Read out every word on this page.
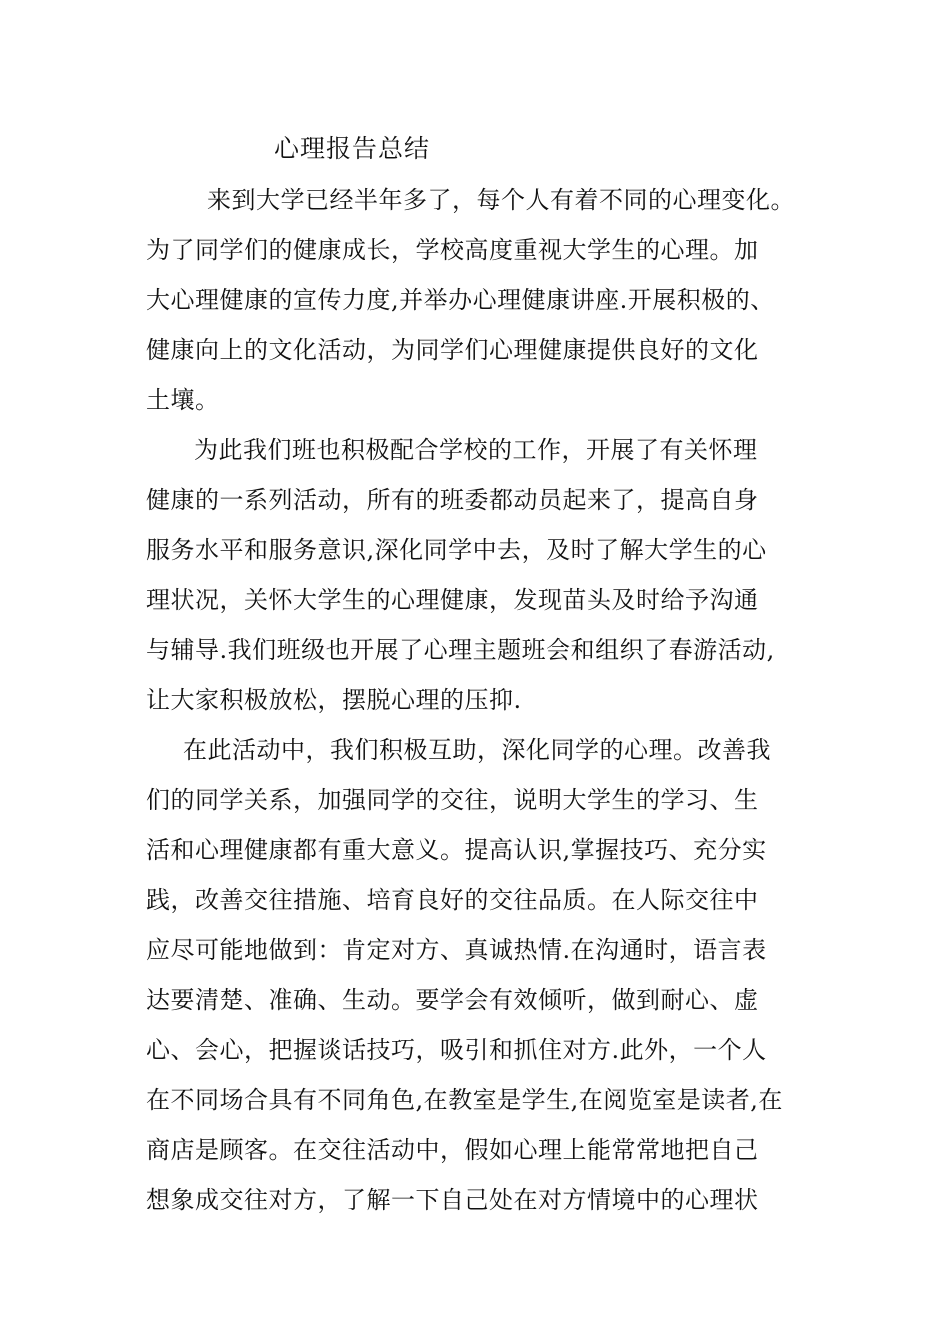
心理报告总结
来到大学已经半年多了，每个人有着不同的心理变化。
为了同学们的健康成长，学校高度重视大学生的心理。加
大心理健康的宣传力度,并举办心理健康讲座.开展积极的、
健康向上的文化活动，为同学们心理健康提供良好的文化
土壤。
为此我们班也积极配合学校的工作，开展了有关怀理
健康的一系列活动，所有的班委都动员起来了，提高自身
服务水平和服务意识,深化同学中去，及时了解大学生的心
理状况，关怀大学生的心理健康，发现苗头及时给予沟通
与辅导.我们班级也开展了心理主题班会和组织了春游活动,
让大家积极放松，摆脱心理的压抑.
在此活动中，我们积极互助，深化同学的心理。改善我
们的同学关系，加强同学的交往，说明大学生的学习、生
活和心理健康都有重大意义。提高认识,掌握技巧、充分实
践，改善交往措施、培育良好的交往品质。在人际交往中
应尽可能地做到：肯定对方、真诚热情.在沟通时，语言表
达要清楚、准确、生动。要学会有效倾听，做到耐心、虚
心、会心，把握谈话技巧，吸引和抓住对方.此外，一个人
在不同场合具有不同角色,在教室是学生,在阅览室是读者,在
商店是顾客。在交往活动中，假如心理上能常常地把自己
想象成交往对方，了解一下自己处在对方情境中的心理状
